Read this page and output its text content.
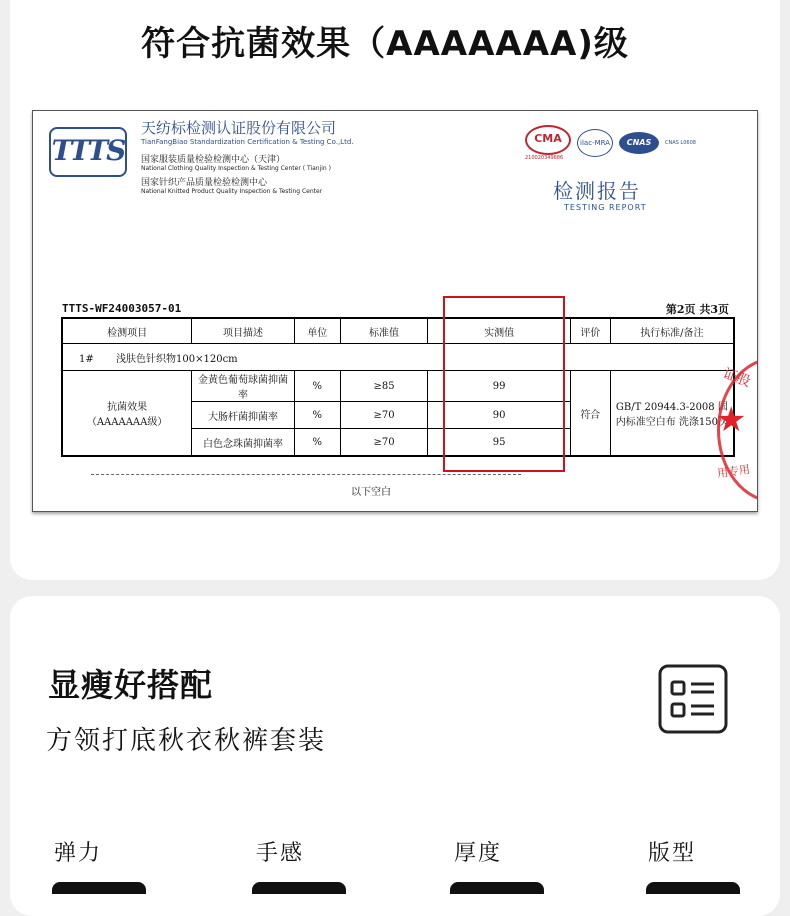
符合抗菌效果（AAAAAAA)级
TTTS
天纺标检测认证股份有限公司
TianFangBiao Standardization Certification & Testing Co.,Ltd.
国家服装质量检验检测中心（天津）
National Clothing Quality Inspection & Testing Center ( Tianjin )
国家针织产品质量检验检测中心
National Knitted Product Quality Inspection & Testing Center
CMA
210020349686
ilac-MRA	CNAS	CNAS L0608
检测报告
TESTING REPORT
TTTS-WF24003057-01	第2页 共3页
检测项目	项目描述	单位	标准值	实测值	评价	执行标准/备注
1# 浅肤色针织物100×120cm						

抗菌效果
（AAAAAAA级）	金黄色葡萄球菌抑菌率	%	≥85	99	符合	GB/T 20944.3-2008 国内标准空白布 洗涤150次
	大肠杆菌抑菌率	%	≥70	90		
	白色念珠菌抑菌率	%	≥70	95		
以下空白
证股
★
用专用
显瘦好搭配
方领打底秋衣秋裤套装
弹力	手感	厚度	版型
